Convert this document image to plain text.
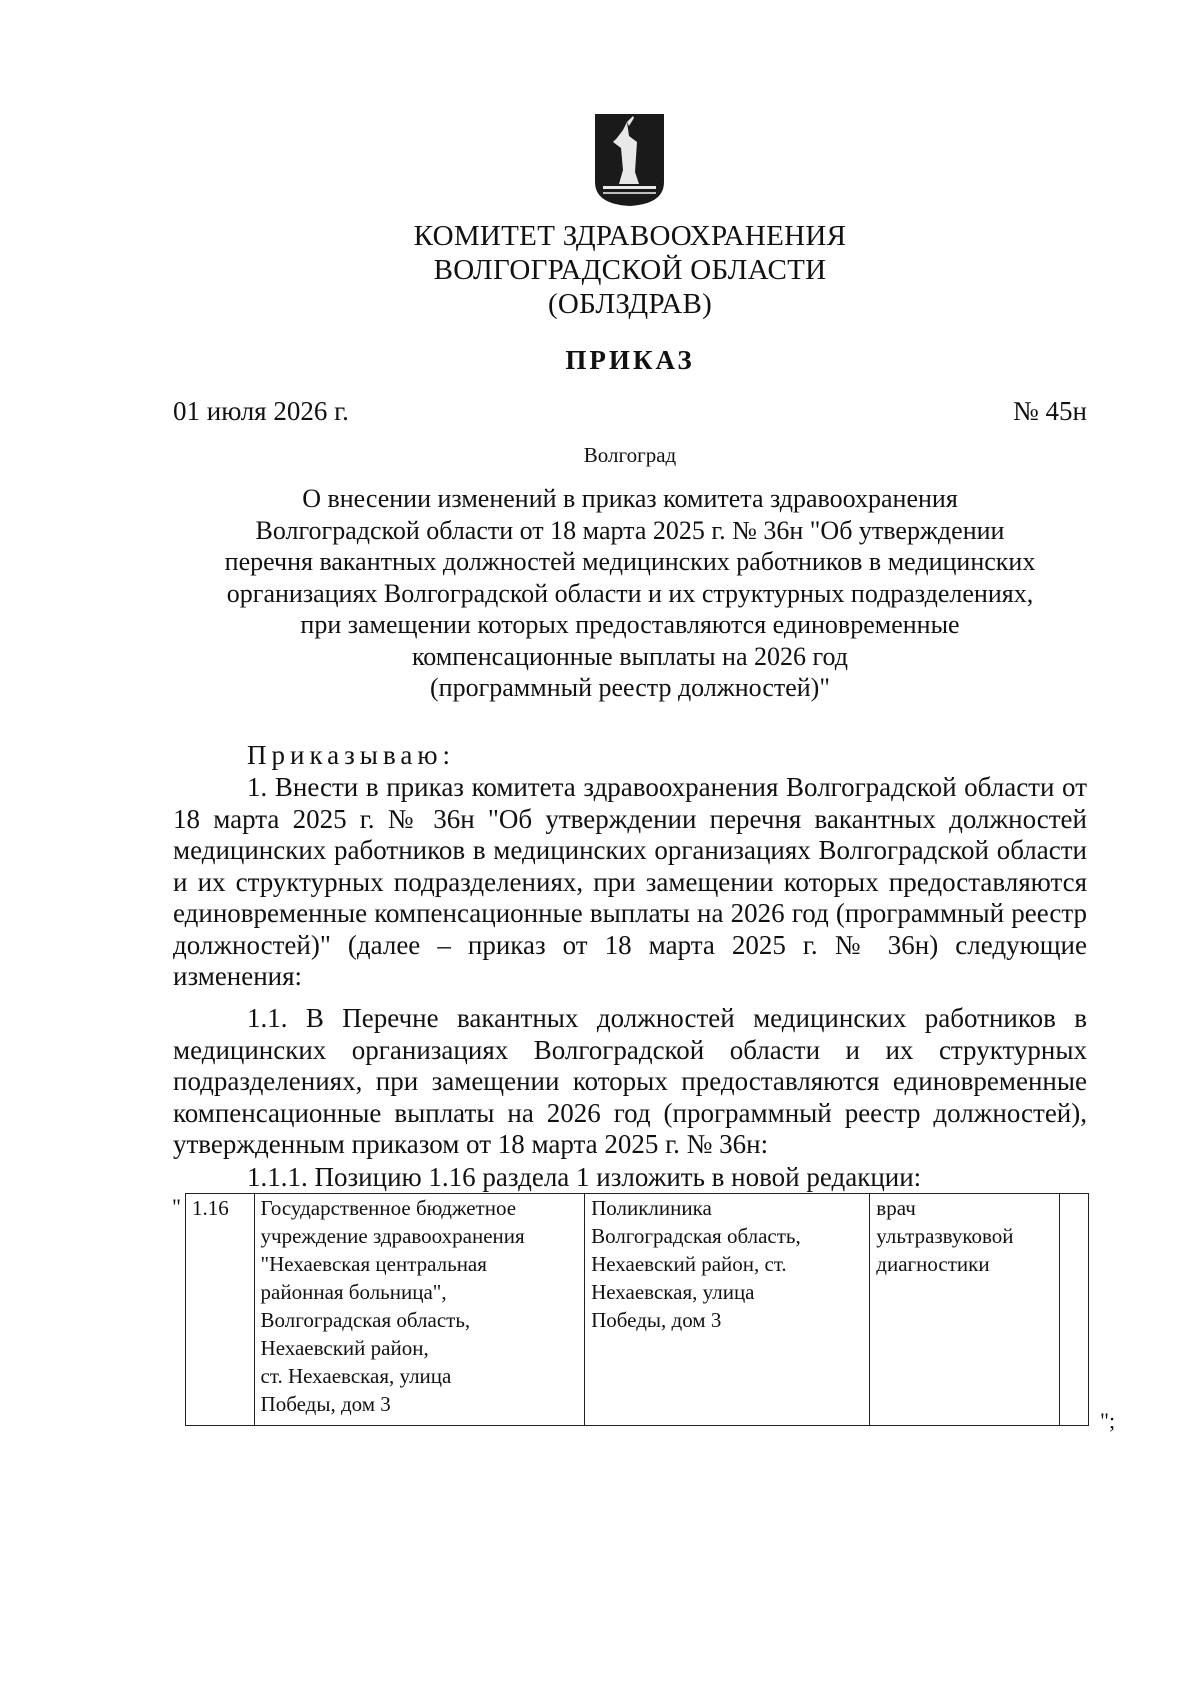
КОМИТЕТ ЗДРАВООХРАНЕНИЯ
ВОЛГОГРАДСКОЙ ОБЛАСТИ
(ОБЛЗДРАВ)
ПРИКАЗ
01 июля 2026 г.	№ 45н
Волгоград
О внесении изменений в приказ комитета здравоохранения
Волгоградской области от 18 марта 2025 г. № 36н "Об утверждении
перечня вакантных должностей медицинских работников в медицинских
организациях Волгоградской области и их структурных подразделениях,
при замещении которых предоставляются единовременные
компенсационные выплаты на 2026 год
(программный реестр должностей)"
Приказываю:
1. Внести в приказ комитета здравоохранения Волгоградской области от 18 марта 2025 г. № 36н "Об утверждении перечня вакантных должностей медицинских работников в медицинских организациях Волгоградской области и их структурных подразделениях, при замещении которых предоставляются единовременные компенсационные выплаты на 2026 год (программный реестр должностей)" (далее – приказ от 18 марта 2025 г. № 36н) следующие изменения:
1.1. В Перечне вакантных должностей медицинских работников в медицинских организациях Волгоградской области и их структурных подразделениях, при замещении которых предоставляются единовременные компенсационные выплаты на 2026 год (программный реестр должностей), утвержденным приказом от 18 марта 2025 г. № 36н:
1.1.1. Позицию 1.16 раздела 1 изложить в новой редакции:
" 1.16	Государственное бюджетное
учреждение здравоохранения
"Нехаевская центральная
районная больница",
Волгоградская область,
Нехаевский район,
ст. Нехаевская, улица
Победы, дом 3	Поликлиника
Волгоградская область,
Нехаевский район, ст.
Нехаевская, улица
Победы, дом 3	врач
ультразвуковой
диагностики	
";
